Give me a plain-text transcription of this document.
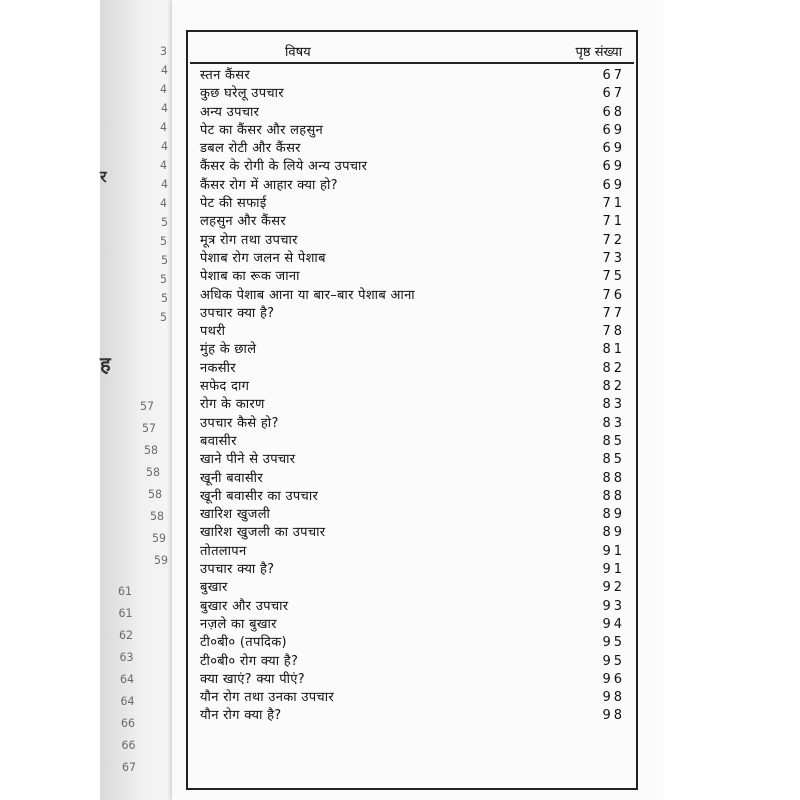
3
4
4
4
4
4
4
4
4
5
5
5
5
5
5
57
57
58
58
58
58
59
59
61
61
62
63
64
64
66
66
67
र
ह
विषय	पृष्ठ संख्या
स्तन कैंसर	67
कुछ घरेलू उपचार	67
अन्य उपचार	68
पेट का कैंसर और लहसुन	69
डबल रोटी और कैंसर	69
कैंसर के रोगी के लिये अन्य उपचार	69
कैंसर रोग में आहार क्या हो?	69
पेट की सफाई	71
लहसुन और कैंसर	71
मूत्र रोग तथा उपचार	72
पेशाब रोग जलन से पेशाब	73
पेशाब का रूक जाना	75
अधिक पेशाब आना या बार–बार पेशाब आना	76
उपचार क्या है?	77
पथरी	78
मुंह के छाले	81
नकसीर	82
सफेद दाग	82
रोग के कारण	83
उपचार कैसे हो?	83
बवासीर	85
खाने पीने से उपचार	85
खूनी बवासीर	88
खूनी बवासीर का उपचार	88
खारिश खुजली	89
खारिश खुजली का उपचार	89
तोतलापन	91
उपचार क्या है?	91
बुखार	92
बुखार और उपचार	93
नज़ले का बुखार	94
टी०बी० (तपदिक)	95
टी०बी० रोग क्या है?	95
क्या खाएं? क्या पीएं?	96
यौन रोग तथा उनका उपचार	98
यौन रोग क्या है?	98
